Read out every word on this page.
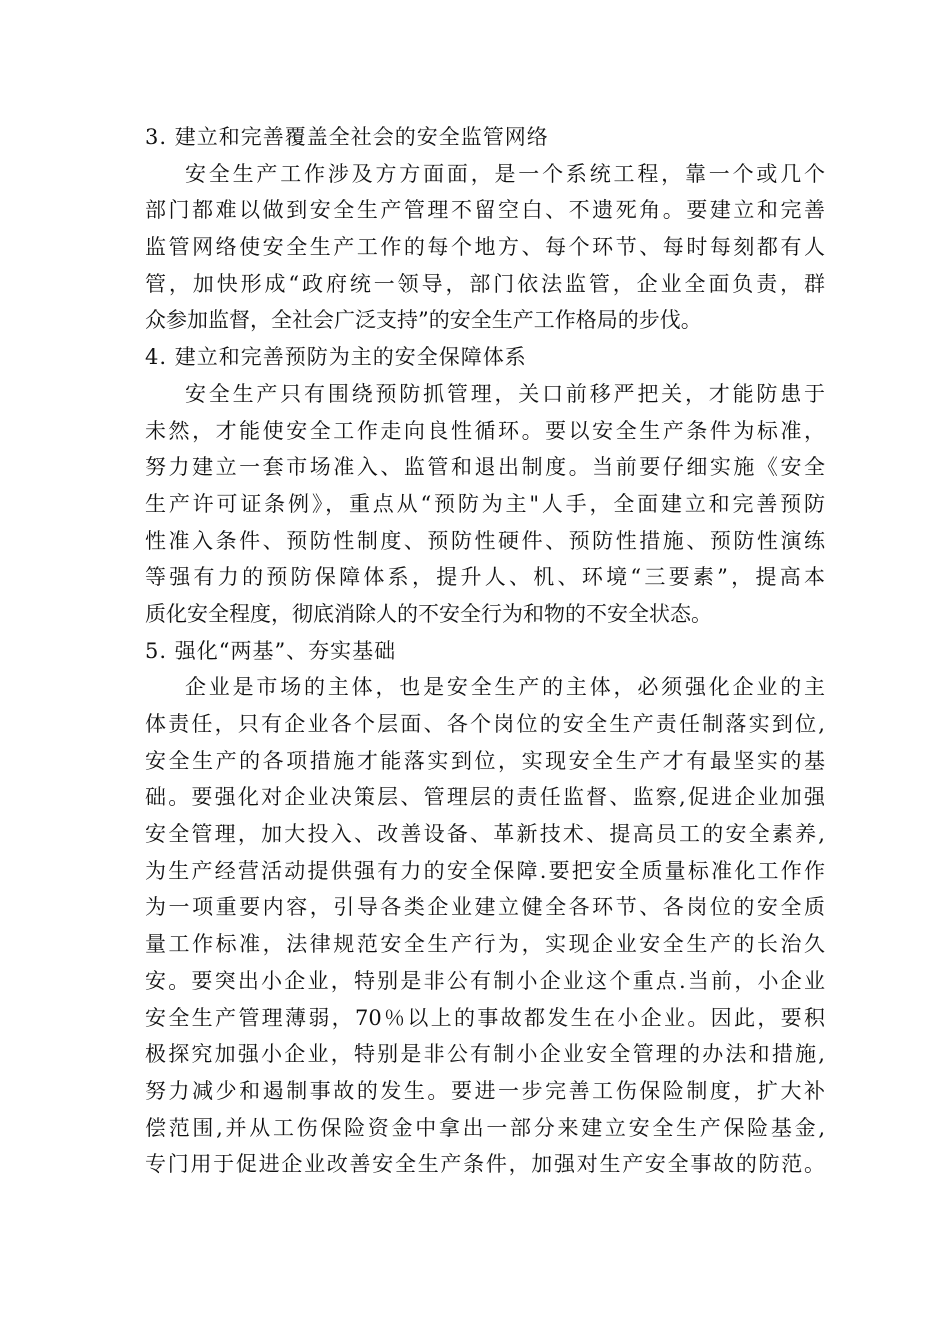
3. 建立和完善覆盖全社会的安全监管网络
安全生产工作涉及方方面面，是一个系统工程，靠一个或几个
部门都难以做到安全生产管理不留空白、不遗死角。要建立和完善
监管网络使安全生产工作的每个地方、每个环节、每时每刻都有人
管，加快形成“政府统一领导，部门依法监管，企业全面负责，群
众参加监督，全社会广泛支持”的安全生产工作格局的步伐。
4. 建立和完善预防为主的安全保障体系
安全生产只有围绕预防抓管理，关口前移严把关，才能防患于
未然，才能使安全工作走向良性循环。要以安全生产条件为标准，
努力建立一套市场准入、监管和退出制度。当前要仔细实施《安全
生产许可证条例》，重点从“预防为主"人手，全面建立和完善预防
性准入条件、预防性制度、预防性硬件、预防性措施、预防性演练
等强有力的预防保障体系，提升人、机、环境“三要素”，提高本
质化安全程度，彻底消除人的不安全行为和物的不安全状态。
5. 强化“两基”、夯实基础
企业是市场的主体，也是安全生产的主体，必须强化企业的主
体责任，只有企业各个层面、各个岗位的安全生产责任制落实到位,
安全生产的各项措施才能落实到位，实现安全生产才有最坚实的基
础。要强化对企业决策层、管理层的责任监督、监察,促进企业加强
安全管理，加大投入、改善设备、革新技术、提高员工的安全素养,
为生产经营活动提供强有力的安全保障.要把安全质量标准化工作作
为一项重要内容，引导各类企业建立健全各环节、各岗位的安全质
量工作标准，法律规范安全生产行为，实现企业安全生产的长治久
安。要突出小企业，特别是非公有制小企业这个重点.当前，小企业
安全生产管理薄弱，70％以上的事故都发生在小企业。因此，要积
极探究加强小企业，特别是非公有制小企业安全管理的办法和措施,
努力减少和遏制事故的发生。要进一步完善工伤保险制度，扩大补
偿范围,并从工伤保险资金中拿出一部分来建立安全生产保险基金,
专门用于促进企业改善安全生产条件，加强对生产安全事故的防范。
